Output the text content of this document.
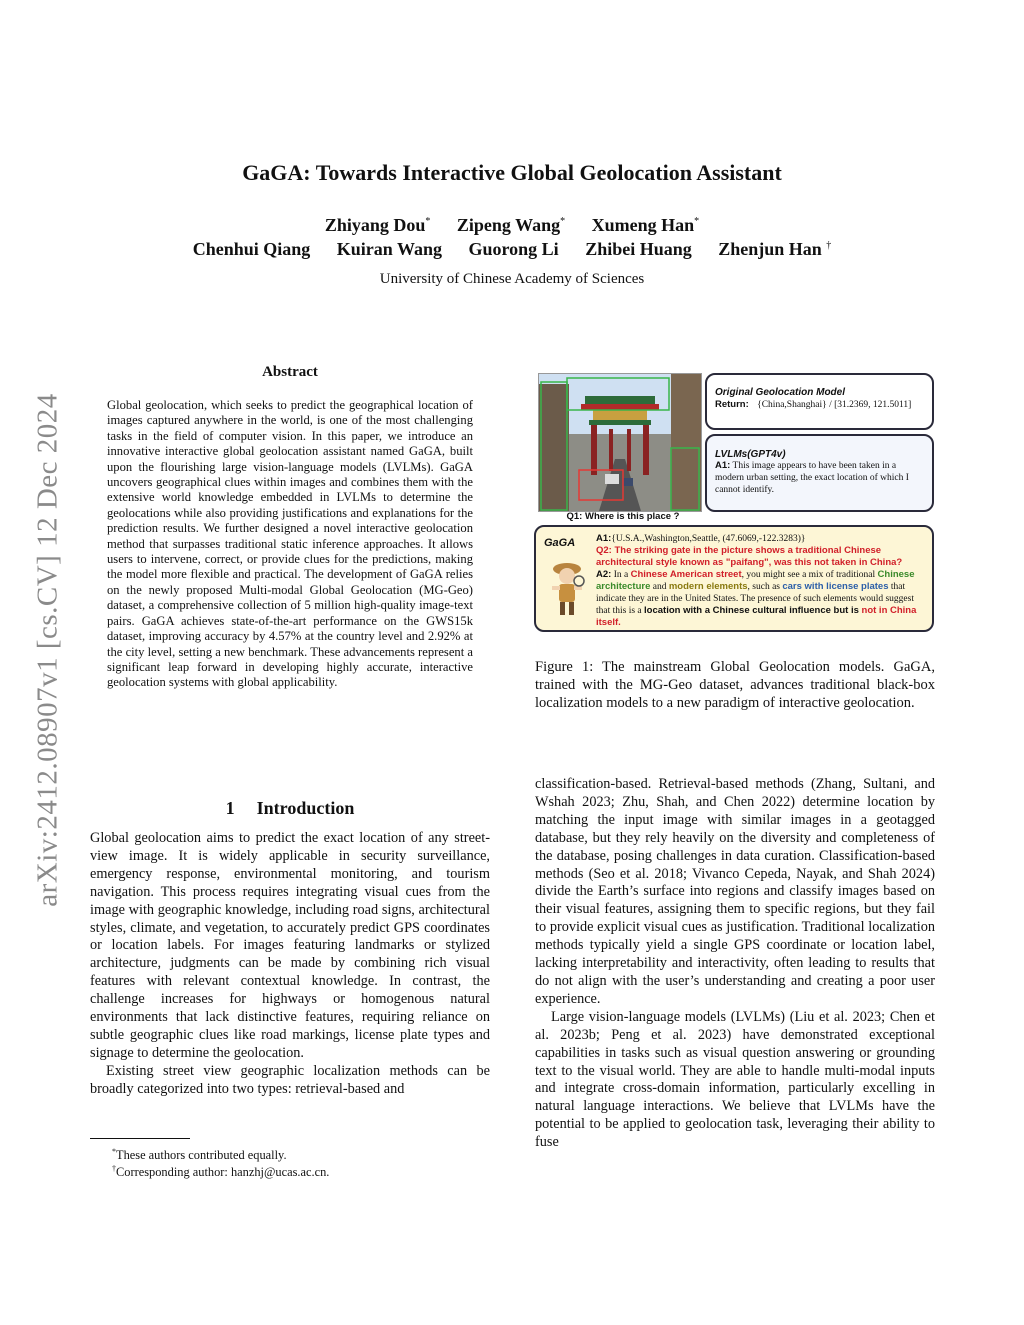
GaGA: Towards Interactive Global Geolocation Assistant
Zhiyang Dou* Zipeng Wang* Xumeng Han*
Chenhui Qiang Kuiran Wang Guorong Li Zhibei Huang Zhenjun Han †
University of Chinese Academy of Sciences
arXiv:2412.08907v1 [cs.CV] 12 Dec 2024
Abstract
Global geolocation, which seeks to predict the geographical location of images captured anywhere in the world, is one of the most challenging tasks in the field of computer vision. In this paper, we introduce an innovative interactive global geolocation assistant named GaGA, built upon the flourishing large vision-language models (LVLMs). GaGA uncovers geographical clues within images and combines them with the extensive world knowledge embedded in LVLMs to determine the geolocations while also providing justifications and explanations for the prediction results. We further designed a novel interactive geolocation method that surpasses traditional static inference approaches. It allows users to intervene, correct, or provide clues for the predictions, making the model more flexible and practical. The development of GaGA relies on the newly proposed Multi-modal Global Geolocation (MG-Geo) dataset, a comprehensive collection of 5 million high-quality image-text pairs. GaGA achieves state-of-the-art performance on the GWS15k dataset, improving accuracy by 4.57% at the country level and 2.92% at the city level, setting a new benchmark. These advancements represent a significant leap forward in developing highly accurate, interactive geolocation systems with global applicability.
1 Introduction

Global geolocation aims to predict the exact location of any street-view image. It is widely applicable in security surveillance, emergency response, environmental monitoring, and tourism navigation. This process requires integrating visual cues from the image with geographic knowledge, including road signs, architectural styles, climate, and vegetation, to accurately predict GPS coordinates or location labels. For images featuring landmarks or stylized architecture, judgments can be made by combining rich visual features with relevant contextual knowledge. In contrast, the challenge increases for highways or homogenous natural environments that lack distinctive features, requiring reliance on subtle geographic clues like road markings, license plate types and signage to determine the geolocation.

Existing street view geographic localization methods can be broadly categorized into two types: retrieval-based and

*These authors contributed equally.
†Corresponding author: hanzhj@ucas.ac.cn.
Q1: Where is this place ?
Original Geolocation Model
Return: {China,Shanghai} / [31.2369, 121.5011]
LVLMs(GPT4v)
A1: This image appears to have been taken in a modern urban setting, the exact location of which I cannot identify.
GaGA A1:{U.S.A.,Washington,Seattle, (47.6069,-122.3283)}
Q2: The striking gate in the picture shows a traditional Chinese architectural style known as "paifang", was this not taken in China?
A2: In a Chinese American street, you might see a mix of traditional Chinese architecture and modern elements, such as cars with license plates that indicate they are in the United States. The presence of such elements would suggest that this is a location with a Chinese cultural influence but is not in China itself.
Figure 1: The mainstream Global Geolocation models. GaGA, trained with the MG-Geo dataset, advances traditional black-box localization models to a new paradigm of interactive geolocation.

classification-based. Retrieval-based methods (Zhang, Sultani, and Wshah 2023; Zhu, Shah, and Chen 2022) determine location by matching the input image with similar images in a geotagged database, but they rely heavily on the diversity and completeness of the database, posing challenges in data curation. Classification-based methods (Seo et al. 2018; Vivanco Cepeda, Nayak, and Shah 2024) divide the Earth’s surface into regions and classify images based on their visual features, assigning them to specific regions, but they fail to provide explicit visual cues as justification. Traditional localization methods typically yield a single GPS coordinate or location label, lacking interpretability and interactivity, often leading to results that do not align with the user’s understanding and creating a poor user experience.

Large vision-language models (LVLMs) (Liu et al. 2023; Chen et al. 2023b; Peng et al. 2023) have demonstrated exceptional capabilities in tasks such as visual question answering or grounding text to the visual world. They are able to handle multi-modal inputs and integrate cross-domain information, particularly excelling in natural language interactions. We believe that LVLMs have the potential to be applied to geolocation task, leveraging their ability to fuse
